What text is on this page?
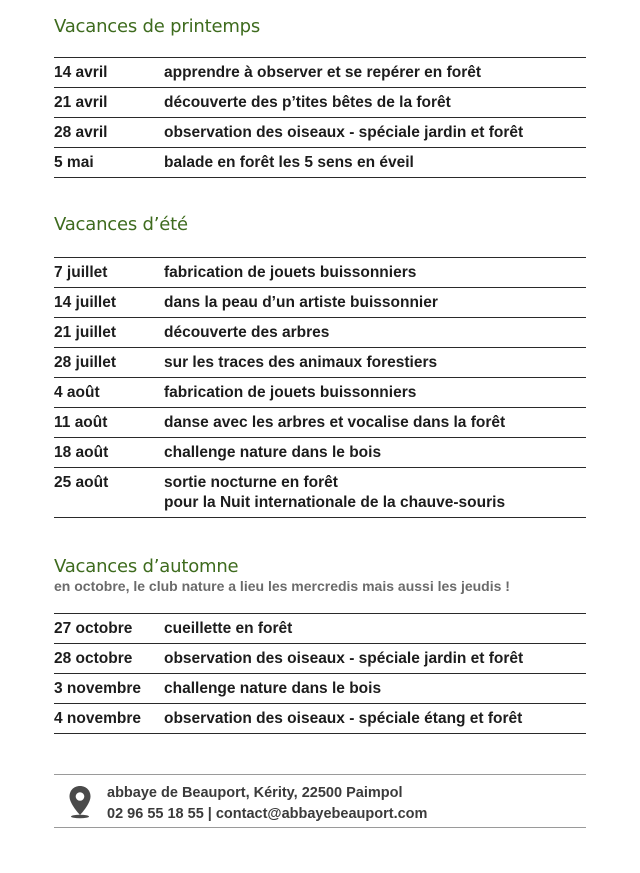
Vacances de printemps
14 avril	apprendre à observer et se repérer en forêt
21 avril	découverte des p’tites bêtes de la forêt
28 avril	observation des oiseaux - spéciale jardin et forêt
5 mai	balade en forêt les 5 sens en éveil
Vacances d’été
7 juillet	fabrication de jouets buissonniers
14 juillet	dans la peau d’un artiste buissonnier
21 juillet	découverte des arbres
28 juillet	sur les traces des animaux forestiers
4 août	fabrication de jouets buissonniers
11 août	danse avec les arbres et vocalise dans la forêt
18 août	challenge nature dans le bois
25 août	sortie nocturne en forêt
pour la Nuit internationale de la chauve-souris
Vacances d’automne
en octobre, le club nature a lieu les mercredis mais aussi les jeudis !
27 octobre	cueillette en forêt
28 octobre	observation des oiseaux - spéciale jardin et forêt
3 novembre	challenge nature dans le bois
4 novembre	observation des oiseaux - spéciale étang et forêt
abbaye de Beauport, Kérity, 22500 Paimpol
02 96 55 18 55 | contact@abbayebeauport.com
